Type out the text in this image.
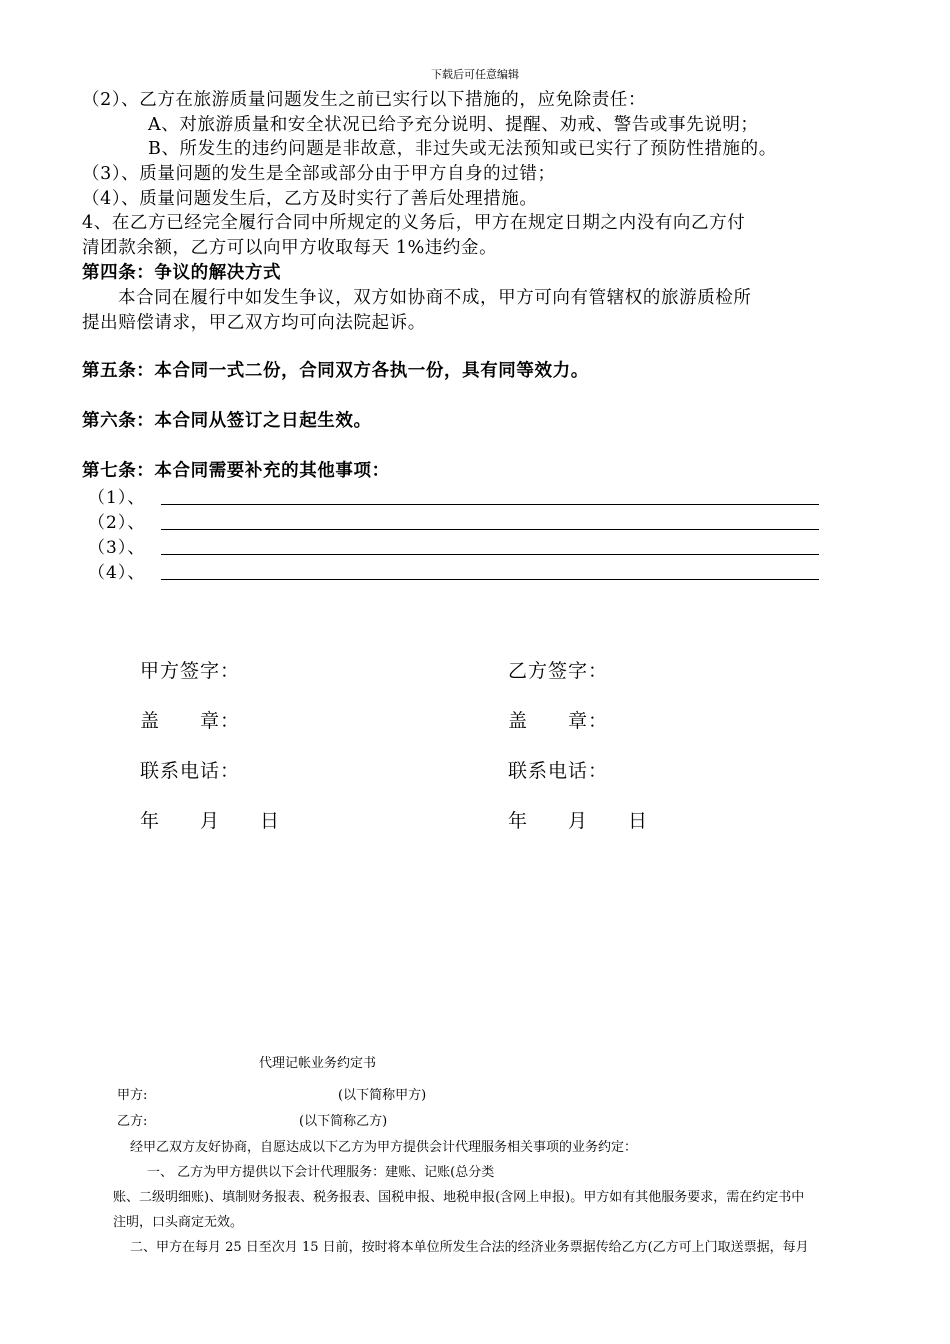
下载后可任意编辑
（2）、乙方在旅游质量问题发生之前已实行以下措施的，应免除责任：
A、对旅游质量和安全状况已给予充分说明、提醒、劝戒、警告或事先说明；
B、所发生的违约问题是非故意，非过失或无法预知或已实行了预防性措施的。
（3）、质量问题的发生是全部或部分由于甲方自身的过错；
（4）、质量问题发生后，乙方及时实行了善后处理措施。
4、在乙方已经完全履行合同中所规定的义务后，甲方在规定日期之内没有向乙方付
清团款余额，乙方可以向甲方收取每天 1%违约金。
第四条：争议的解决方式
本合同在履行中如发生争议，双方如协商不成，甲方可向有管辖权的旅游质检所
提出赔偿请求，甲乙双方均可向法院起诉。
第五条：本合同一式二份，合同双方各执一份，具有同等效力。
第六条：本合同从签订之日起生效。
第七条：本合同需要补充的其他事项：
（1）、
（2）、
（3）、
（4）、
甲方签字：
盖　　章：
联系电话：
年　　月　　日
乙方签字：
盖　　章：
联系电话：
年　　月　　日
代理记帐业务约定书
甲方:	(以下简称甲方)
乙方:	(以下简称乙方)
经甲乙双方友好协商，自愿达成以下乙方为甲方提供会计代理服务相关事项的业务约定：
一、 乙方为甲方提供以下会计代理服务：建账、记账(总分类
账、二级明细账)、填制财务报表、税务报表、国税申报、地税申报(含网上申报)。甲方如有其他服务要求，需在约定书中
注明，口头商定无效。
二、甲方在每月 25 日至次月 15 日前，按时将本单位所发生合法的经济业务票据传给乙方(乙方可上门取送票据，每月
